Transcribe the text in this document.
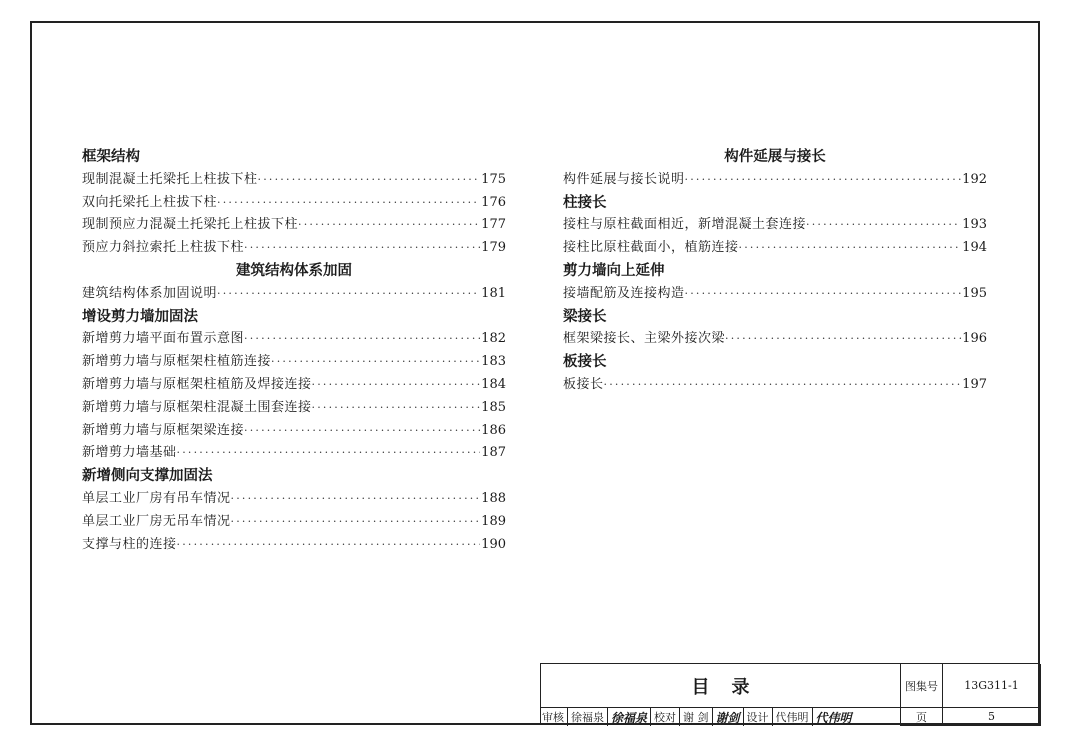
框架结构
现制混凝土托梁托上柱拔下柱 ·····	175
双向托梁托上柱拔下柱 ·····	176
现制预应力混凝土托梁托上柱拔下柱 ·····	177
预应力斜拉索托上柱拔下柱 ·····	179
建筑结构体系加固
建筑结构体系加固说明 ·····	181
增设剪力墙加固法
新增剪力墙平面布置示意图 ·····	182
新增剪力墙与原框架柱植筋连接 ·····	183
新增剪力墙与原框架柱植筋及焊接连接 ·····	184
新增剪力墙与原框架柱混凝土围套连接 ·····	185
新增剪力墙与原框架梁连接 ·····	186
新增剪力墙基础 ·····	187
新增侧向支撑加固法
单层工业厂房有吊车情况 ·····	188
单层工业厂房无吊车情况 ·····	189
支撑与柱的连接 ·····	190
构件延展与接长
构件延展与接长说明 ·····	192
柱接长
接柱与原柱截面相近，新增混凝土套连接 ·····	193
接柱比原柱截面小，植筋连接 ·····	194
剪力墙向上延伸
接墙配筋及连接构造 ·····	195
梁接长
框架梁接长、主梁外接次梁 ·····	196
板接长
板接长 ·····	197
目录	图集号	13G311-1
页	5
审核 徐福泉 徐福泉 校对 谢 剑 谢剑 设计 代伟明 代伟明
